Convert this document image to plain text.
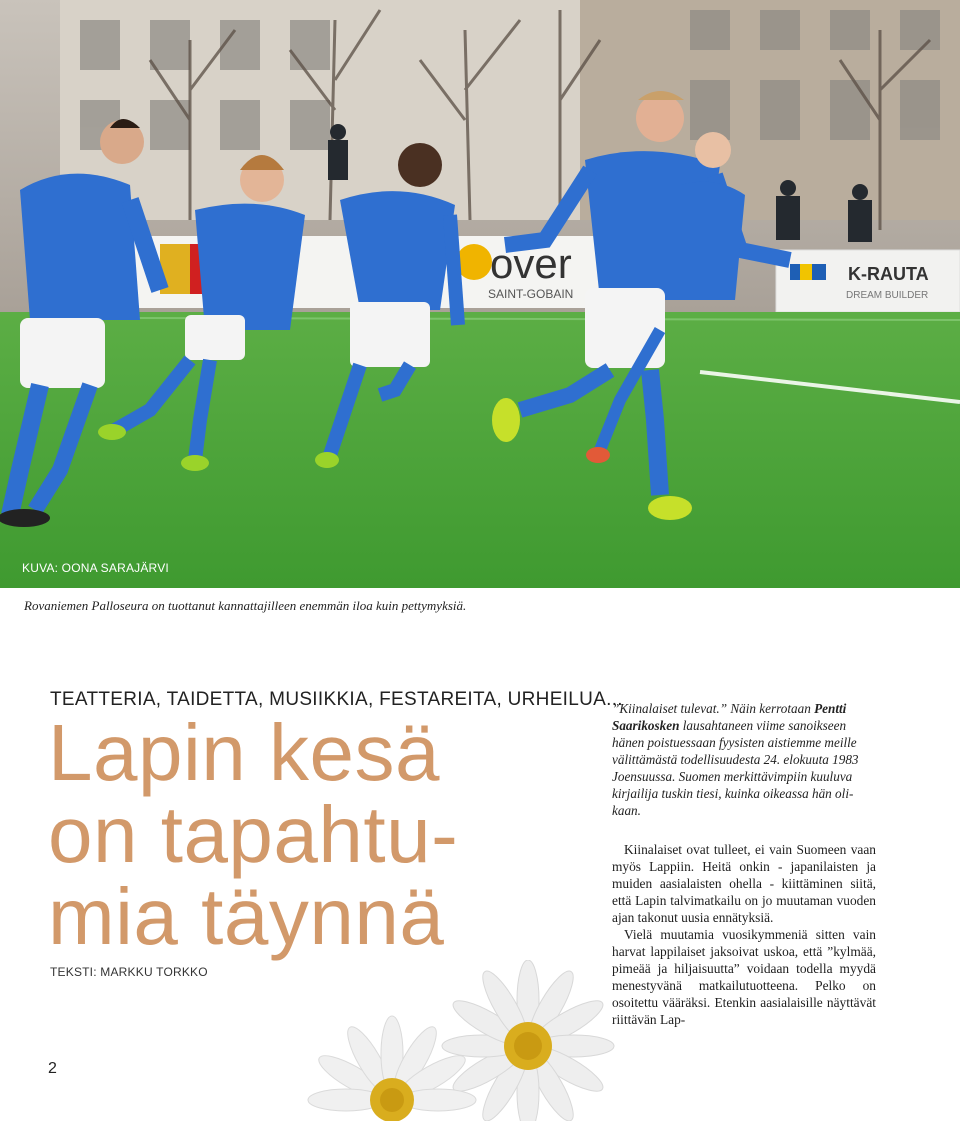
over
SAINT-GOBAIN
K-RAUTA
DREAM BUILDER
KUVA: OONA SARAJÄRVI
Rovaniemen Palloseura on tuottanut kannattajilleen enemmän iloa kuin pettymyksiä.
TEATTERIA, TAIDETTA, MUSIIKKIA, FESTAREITA, URHEILUA...
Lapin kesä
on tapahtu-
mia täynnä
TEKSTI: MARKKU TORKKO
2

”Kiinalaiset tulevat.” Näin kerrotaan Pentti Saarikosken lausahtaneen viime sanoikseen hänen poistuessaan fyysisten aistiemme meille välittämästä todellisuudesta 24. elokuuta 1983 Joensuussa. Suomen merkittävimpiin kuuluva kirjailija tuskin tiesi, kuinka oikeassa hän olikaan.

Kiinalaiset ovat tulleet, ei vain Suomeen vaan myös Lappiin. Heitä onkin - japanilaisten ja muiden aasialaisten ohella - kiittäminen siitä, että Lapin talvimatkailu on jo muutaman vuoden ajan takonut uusia ennätyksiä.

Vielä muutamia vuosikymmeniä sitten vain harvat lappilaiset jaksoivat uskoa, että ”kylmää, pimeää ja hiljaisuutta” voidaan todella myydä menestyvänä matkailutuotteena. Pelko on osoitettu vääräksi. Etenkin aasialaisille näyttävät riittävän Lap-
